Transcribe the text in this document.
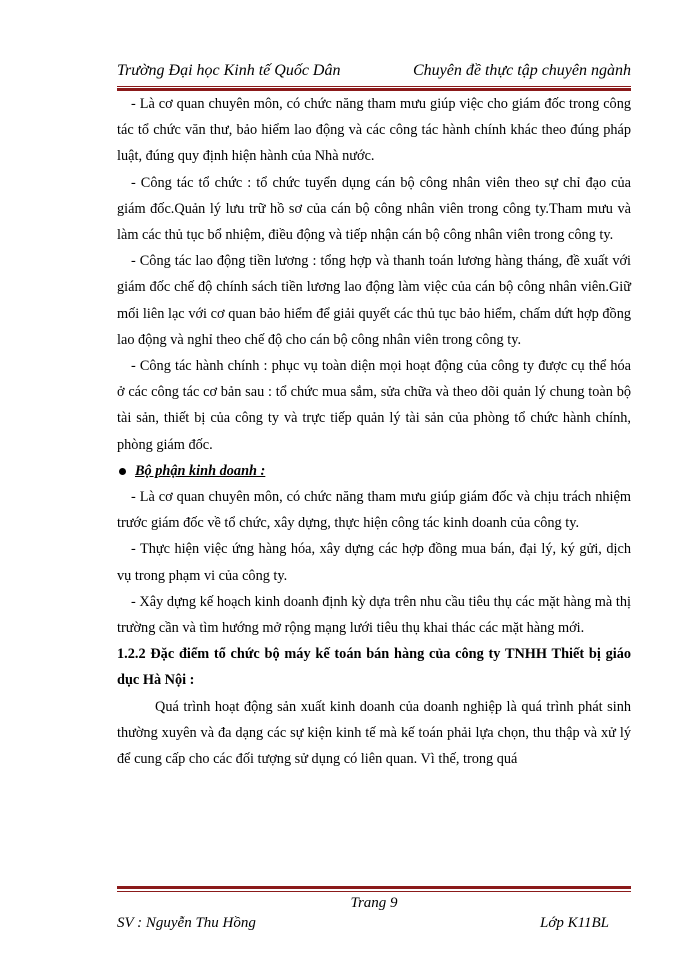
Trường Đại học Kinh tế Quốc Dân	Chuyên đề thực tập chuyên ngành

- Là cơ quan chuyên môn, có chức năng tham mưu giúp việc cho giám đốc trong công tác tổ chức văn thư, bảo hiểm lao động và các công tác hành chính khác theo đúng pháp luật, đúng quy định hiện hành của Nhà nước.

- Công tác tổ chức : tổ chức tuyển dụng cán bộ công nhân viên theo sự chỉ đạo của giám đốc.Quản lý lưu trữ hồ sơ của cán bộ công nhân viên trong công ty.Tham mưu và làm các thủ tục bổ nhiệm, điều động và tiếp nhận cán bộ công nhân viên trong công ty.

- Công tác lao động tiền lương : tổng hợp và thanh toán lương hàng tháng, đề xuất với giám đốc chế độ chính sách tiền lương lao động làm việc của cán bộ công nhân viên.Giữ mối liên lạc với cơ quan bảo hiểm để giải quyết các thủ tục bảo hiểm, chấm dứt hợp đồng lao động và nghỉ theo chế độ cho cán bộ công nhân viên trong công ty.

- Công tác hành chính : phục vụ toàn diện mọi hoạt động của công ty được cụ thể hóa ở các công tác cơ bản sau : tổ chức mua sắm, sửa chữa và theo dõi quản lý chung toàn bộ tài sản, thiết bị của công ty và trực tiếp quản lý tài sản của phòng tổ chức hành chính, phòng giám đốc.

Bộ phận kinh doanh :

- Là cơ quan chuyên môn, có chức năng tham mưu giúp giám đốc và chịu trách nhiệm trước giám đốc về tổ chức, xây dựng, thực hiện công tác kinh doanh của công ty.

- Thực hiện việc ứng hàng hóa, xây dựng các hợp đồng mua bán, đại lý, ký gửi, dịch vụ trong phạm vi của công ty.

- Xây dựng kế hoạch kinh doanh định kỳ dựa trên nhu cầu tiêu thụ các mặt hàng mà thị trường cần và tìm hướng mở rộng mạng lưới tiêu thụ khai thác các mặt hàng mới.

1.2.2 Đặc điểm tổ chức bộ máy kế toán bán hàng của công ty TNHH Thiết bị giáo dục Hà Nội :

Quá trình hoạt động sản xuất kinh doanh của doanh nghiệp là quá trình phát sinh thường xuyên và đa dạng các sự kiện kinh tế mà kế toán phải lựa chọn, thu thập và xử lý để cung cấp cho các đối tượng sử dụng có liên quan. Vì thế, trong quá

Trang 9
SV : Nguyễn Thu Hồng	Lớp K11BL
